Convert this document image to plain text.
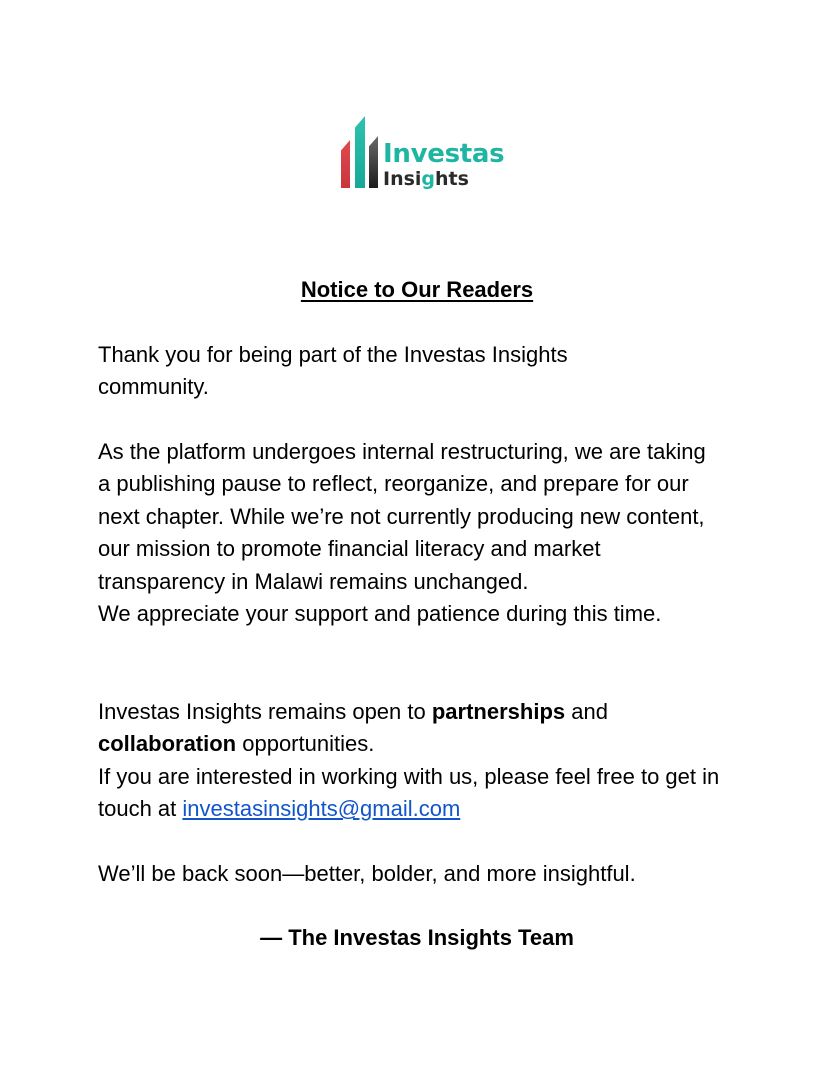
Investas
Insights
Notice to Our Readers

Thank you for being part of the Investas Insights community.

As the platform undergoes internal restructuring, we are taking a publishing pause to reflect, reorganize, and prepare for our next chapter. While we’re not currently producing new content, our mission to promote financial literacy and market transparency in Malawi remains unchanged.

We appreciate your support and patience during this time.

Investas Insights remains open to partnerships and
collaboration opportunities.

If you are interested in working with us, please feel free to get in touch at investasinsights@gmail.com

We’ll be back soon—better, bolder, and more insightful.

— The Investas Insights Team
